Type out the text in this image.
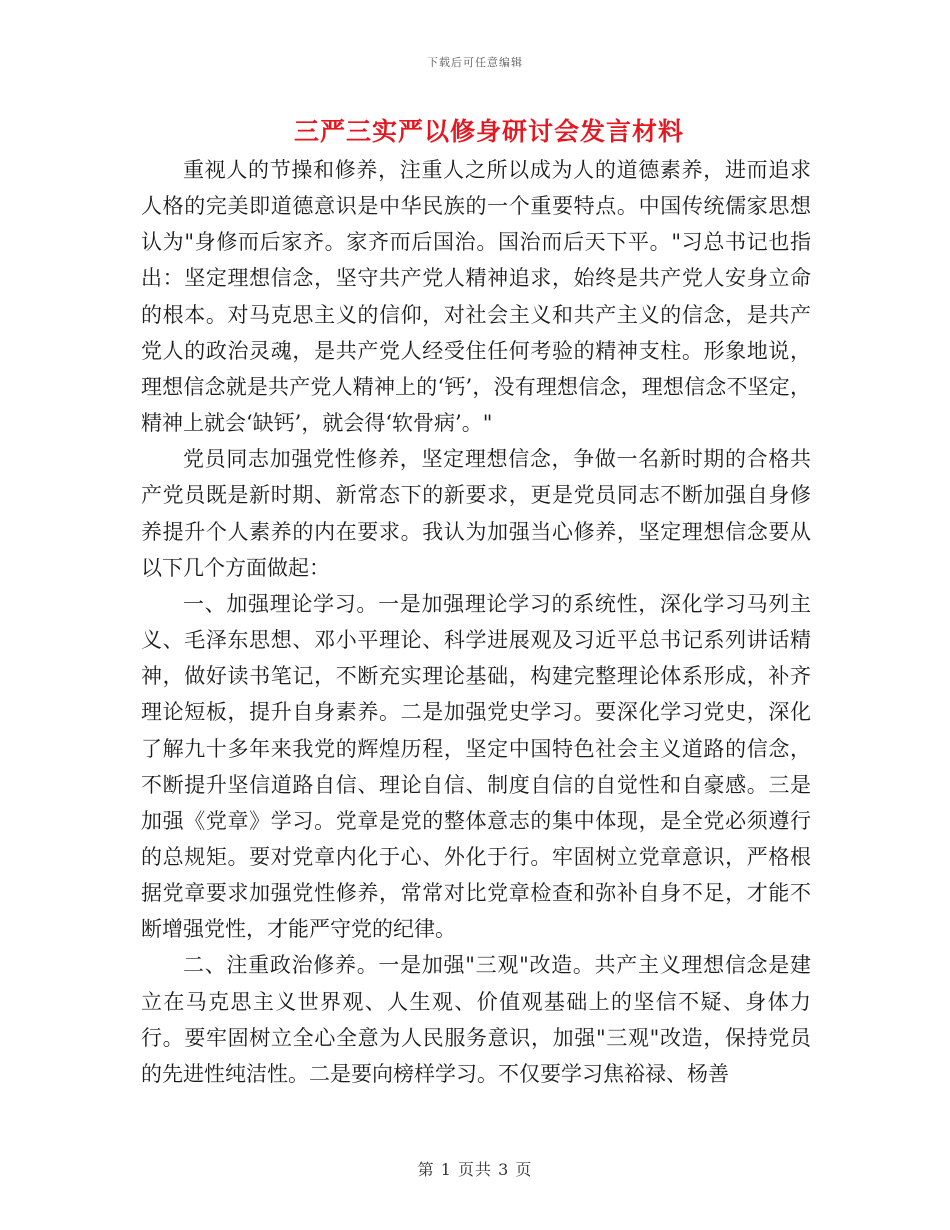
下载后可任意编辑
三严三实严以修身研讨会发言材料

重视人的节操和修养，注重人之所以成为人的道德素养，进而追求人格的完美即道德意识是中华民族的一个重要特点。中国传统儒家思想认为"身修而后家齐。家齐而后国治。国治而后天下平。"习总书记也指出：坚定理想信念，坚守共产党人精神追求，始终是共产党人安身立命的根本。对马克思主义的信仰，对社会主义和共产主义的信念，是共产党人的政治灵魂，是共产党人经受住任何考验的精神支柱。形象地说，理想信念就是共产党人精神上的‘钙’，没有理想信念，理想信念不坚定，精神上就会‘缺钙’，就会得‘软骨病’。"

党员同志加强党性修养，坚定理想信念，争做一名新时期的合格共产党员既是新时期、新常态下的新要求，更是党员同志不断加强自身修养提升个人素养的内在要求。我认为加强当心修养，坚定理想信念要从以下几个方面做起：

一、加强理论学习。一是加强理论学习的系统性，深化学习马列主义、毛泽东思想、邓小平理论、科学进展观及习近平总书记系列讲话精神，做好读书笔记，不断充实理论基础，构建完整理论体系形成，补齐理论短板，提升自身素养。二是加强党史学习。要深化学习党史，深化了解九十多年来我党的辉煌历程，坚定中国特色社会主义道路的信念，不断提升坚信道路自信、理论自信、制度自信的自觉性和自豪感。三是加强《党章》学习。党章是党的整体意志的集中体现，是全党必须遵行的总规矩。要对党章内化于心、外化于行。牢固树立党章意识，严格根据党章要求加强党性修养，常常对比党章检查和弥补自身不足，才能不断增强党性，才能严守党的纪律。

二、注重政治修养。一是加强"三观"改造。共产主义理想信念是建立在马克思主义世界观、人生观、价值观基础上的坚信不疑、身体力行。要牢固树立全心全意为人民服务意识，加强"三观"改造，保持党员的先进性纯洁性。二是要向榜样学习。不仅要学习焦裕禄、杨善

第 1 页共 3 页
